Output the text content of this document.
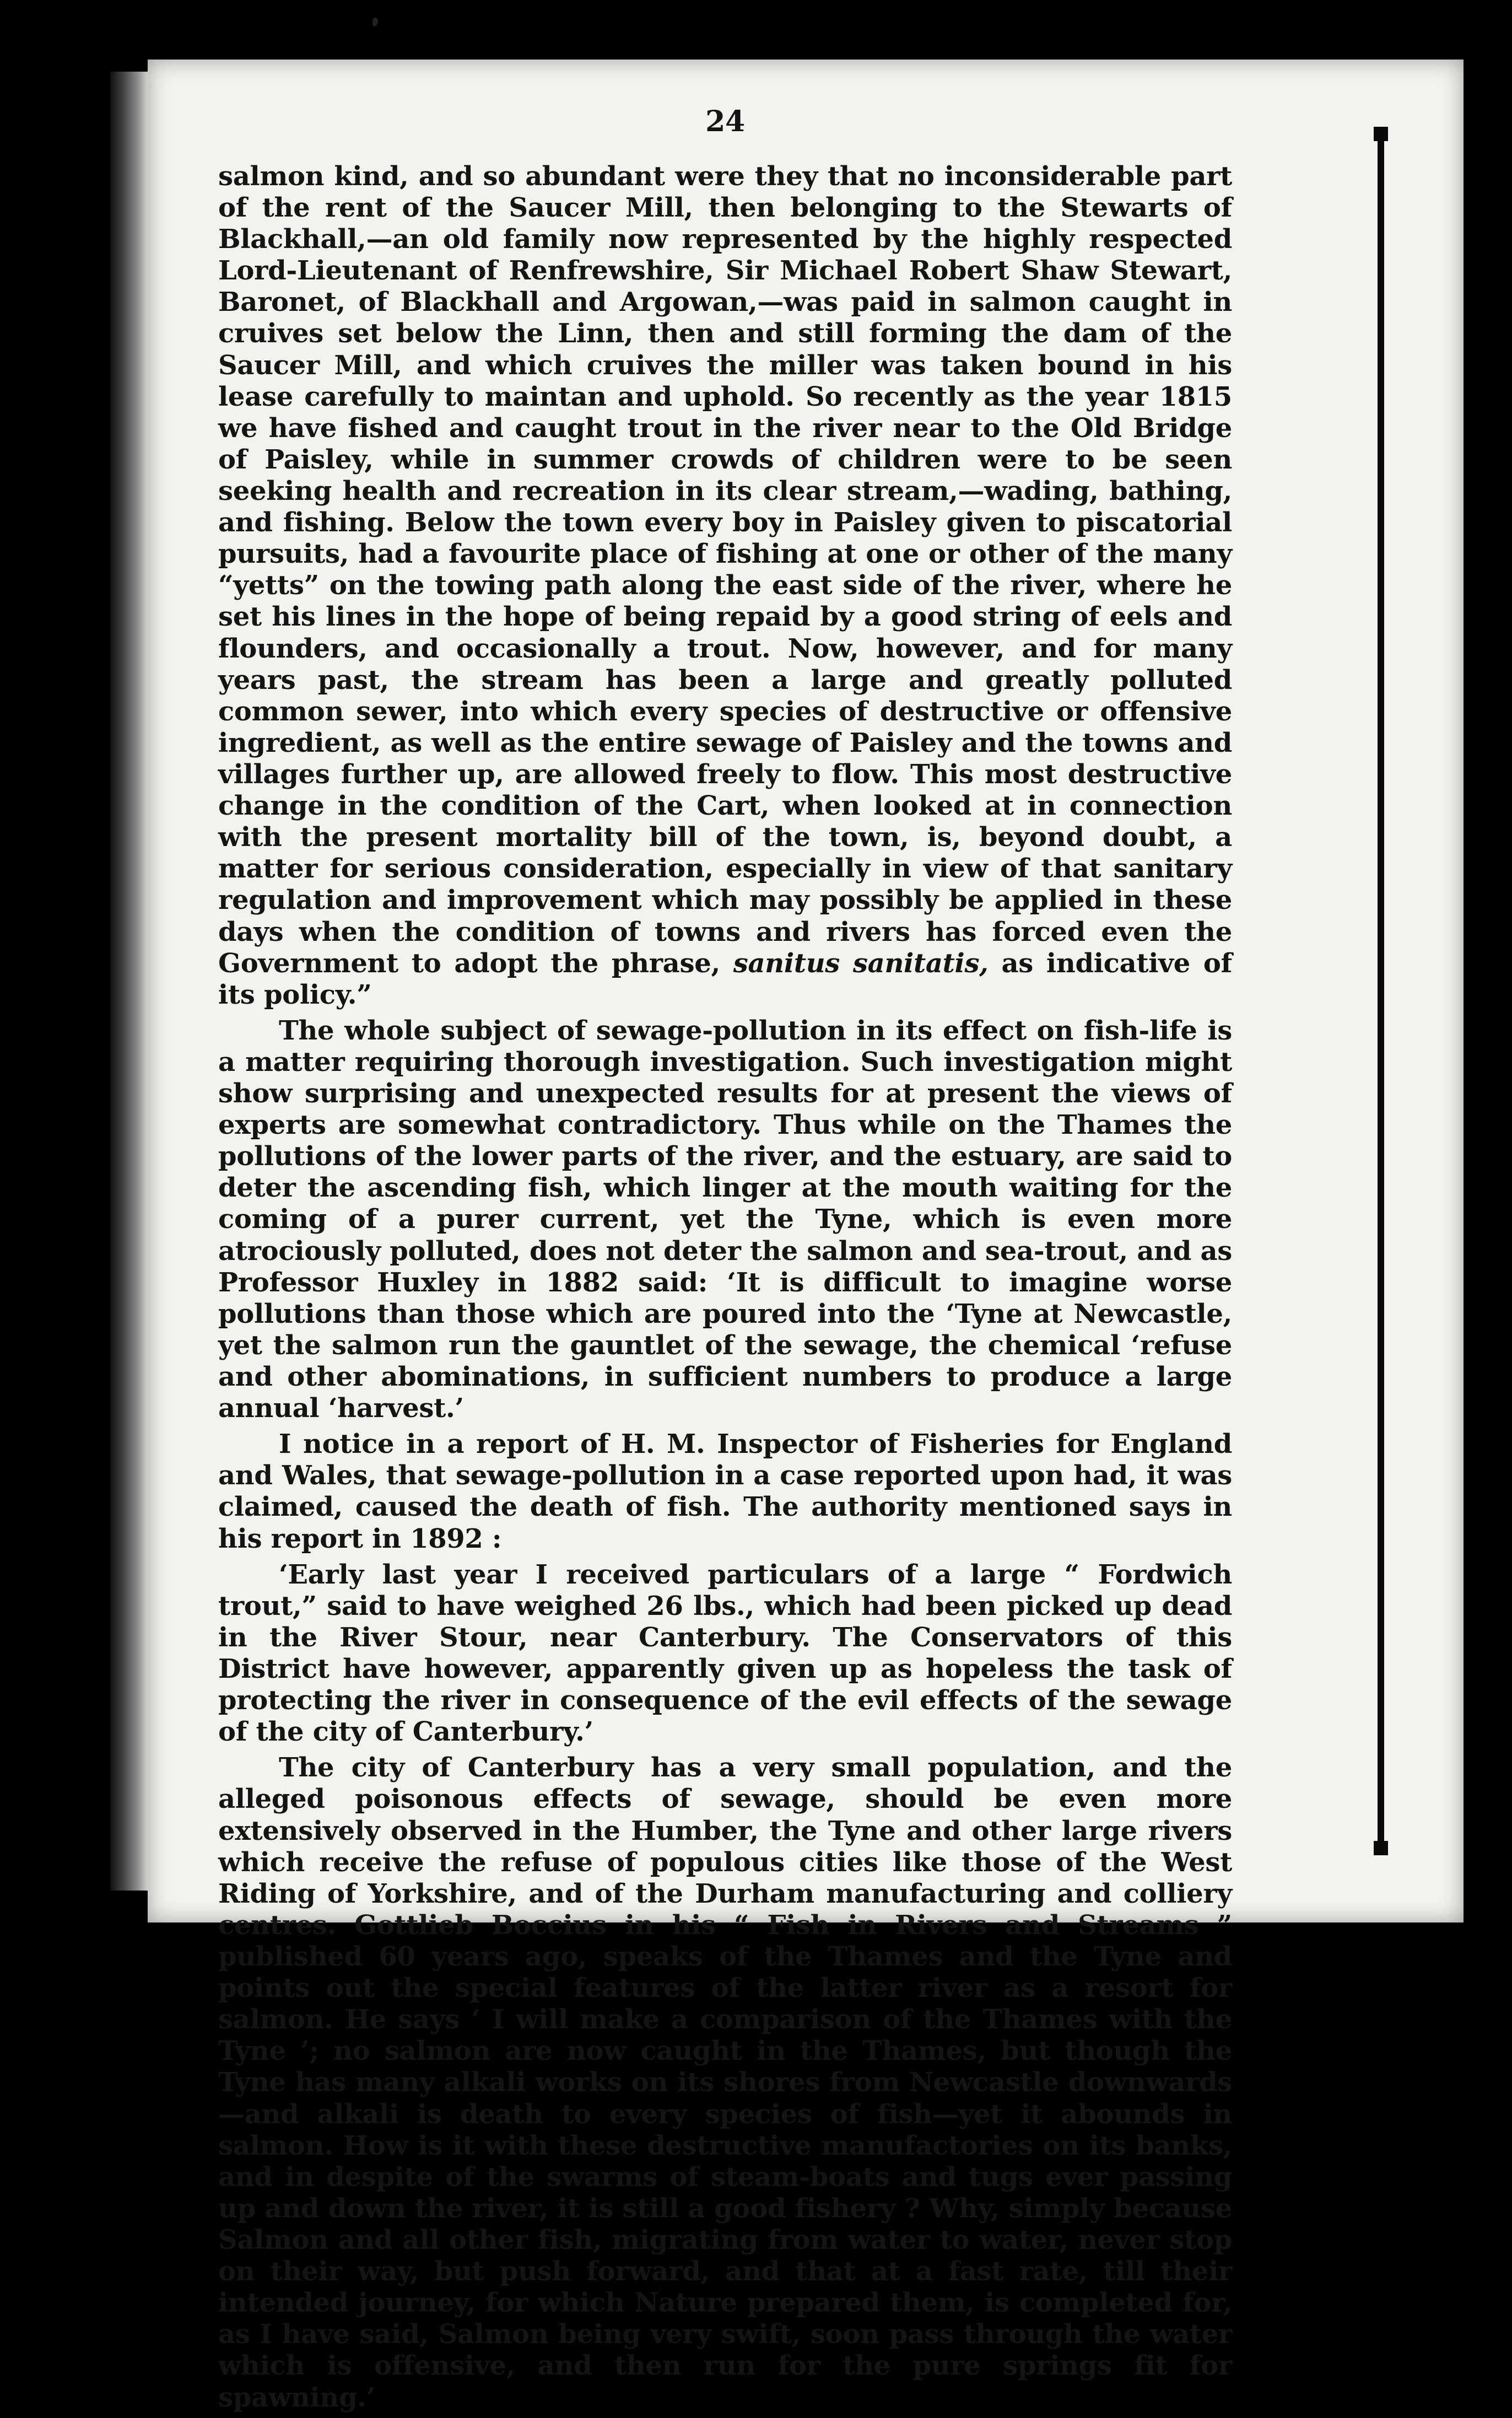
24

salmon kind, and so abundant were they that no inconsiderable part of the rent of the Saucer Mill, then belonging to the Stewarts of Blackhall,—an old family now represented by the highly respected Lord-Lieutenant of Renfrewshire, Sir Michael Robert Shaw Stewart, Baronet, of Blackhall and Argowan,—was paid in salmon caught in cruives set below the Linn, then and still forming the dam of the Saucer Mill, and which cruives the miller was taken bound in his lease carefully to maintan and uphold. So recently as the year 1815 we have fished and caught trout in the river near to the Old Bridge of Paisley, while in summer crowds of children were to be seen seeking health and recreation in its clear stream,—wading, bathing, and fishing. Below the town every boy in Paisley given to piscatorial pursuits, had a favourite place of fishing at one or other of the many “yetts” on the towing path along the east side of the river, where he set his lines in the hope of being repaid by a good string of eels and flounders, and occasionally a trout. Now, however, and for many years past, the stream has been a large and greatly polluted common sewer, into which every species of destructive or offensive ingredient, as well as the entire sewage of Paisley and the towns and villages further up, are allowed freely to flow. This most destructive change in the condition of the Cart, when looked at in connection with the present mortality bill of the town, is, beyond doubt, a matter for serious consideration, especially in view of that sanitary regulation and improvement which may possibly be applied in these days when the condition of towns and rivers has forced even the Government to adopt the phrase, sanitus sanitatis, as indicative of its policy.”

The whole subject of sewage-pollution in its effect on fish-life is a matter requiring thorough investigation. Such investigation might show surprising and unexpected results for at present the views of experts are somewhat contradictory. Thus while on the Thames the pollutions of the lower parts of the river, and the estuary, are said to deter the ascending fish, which linger at the mouth waiting for the coming of a purer current, yet the Tyne, which is even more atrociously polluted, does not deter the salmon and sea-trout, and as Professor Huxley in 1882 said: ‘It is difficult to imagine worse pollutions than those which are poured into the ‘Tyne at Newcastle, yet the salmon run the gauntlet of the sewage, the chemical ‘refuse and other abominations, in sufficient numbers to produce a large annual ‘harvest.’

I notice in a report of H. M. Inspector of Fisheries for England and Wales, that sewage-pollution in a case reported upon had, it was claimed, caused the death of fish. The authority mentioned says in his report in 1892 :

‘Early last year I received particulars of a large “ Fordwich trout,” said to have weighed 26 lbs., which had been picked up dead in the River Stour, near Canterbury. The Conservators of this District have however, apparently given up as hopeless the task of protecting the river in consequence of the evil effects of the sewage of the city of Canterbury.’

The city of Canterbury has a very small population, and the alleged poisonous effects of sewage, should be even more extensively observed in the Humber, the Tyne and other large rivers which receive the refuse of populous cities like those of the West Riding of Yorkshire, and of the Durham manufacturing and colliery centres. Gottlieb Boccius in his “ Fish in Rivers and Streams ” published 60 years ago, speaks of the Thames and the Tyne and points out the special features of the latter river as a resort for salmon. He says ‘ I will make a comparison of the Thames with the Tyne ’; no salmon are now caught in the Thames, but though the Tyne has many alkali works on its shores from Newcastle downwards—and alkali is death to every species of fish—yet it abounds in salmon. How is it with these destructive manufactories on its banks, and in despite of the swarms of steam-boats and tugs ever passing up and down the river, it is still a good fishery ? Why, simply because Salmon and all other fish, migrating from water to water, never stop on their way, but push forward, and that at a fast rate, till their intended journey, for which Nature prepared them, is completed for, as I have said, Salmon being very swift, soon pass through the water which is offensive, and then run for the pure springs fit for spawning.’
